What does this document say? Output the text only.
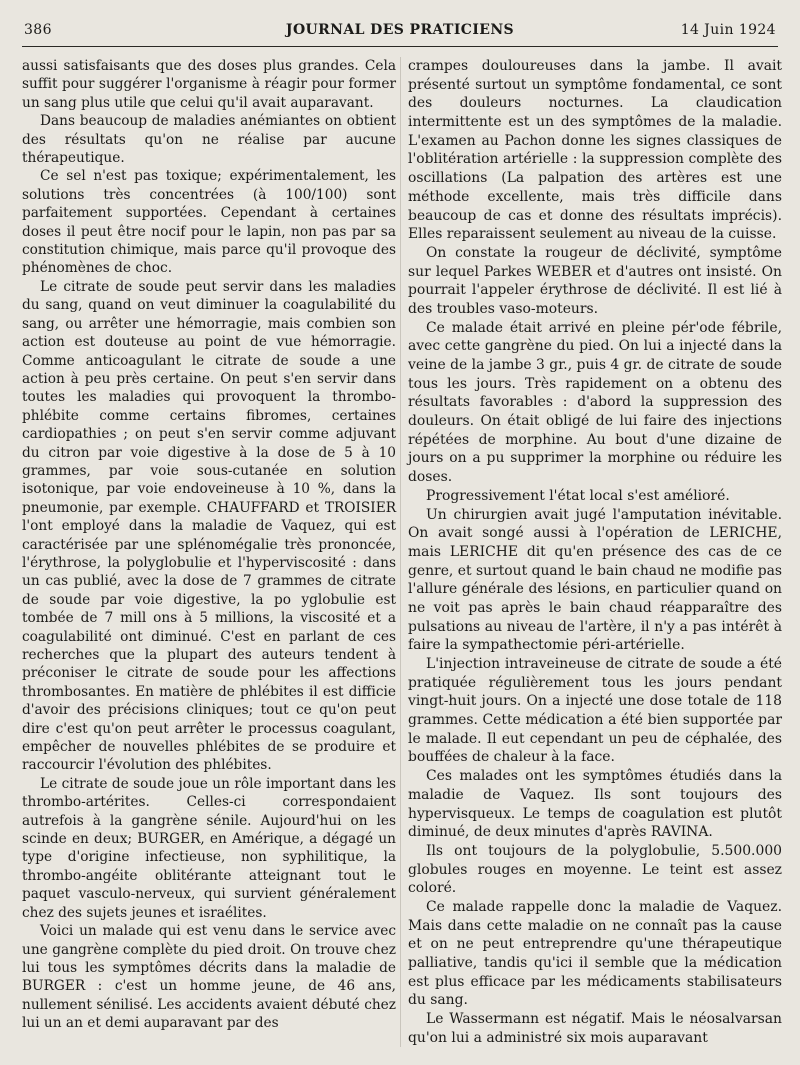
386	JOURNAL DES PRATICIENS	14 Juin 1924

aussi satisfaisants que des doses plus grandes. Cela suffit pour suggérer l'organisme à réagir pour former un sang plus utile que celui qu'il avait auparavant.

Dans beaucoup de maladies anémiantes on obtient des résultats qu'on ne réalise par aucune thérapeutique.

Ce sel n'est pas toxique; expérimentalement, les solutions très concentrées (à 100/100) sont parfaitement supportées. Cependant à certaines doses il peut être nocif pour le lapin, non pas par sa constitution chimique, mais parce qu'il provoque des phénomènes de choc.

Le citrate de soude peut servir dans les maladies du sang, quand on veut diminuer la coagulabilité du sang, ou arrêter une hémorragie, mais combien son action est douteuse au point de vue hémorragie. Comme anticoagulant le citrate de soude a une action à peu près certaine. On peut s'en servir dans toutes les maladies qui provoquent la thrombo-phlébite comme certains fibromes, certaines cardiopathies ; on peut s'en servir comme adjuvant du citron par voie digestive à la dose de 5 à 10 grammes, par voie sous-cutanée en solution isotonique, par voie endoveineuse à 10 %, dans la pneumonie, par exemple. CHAUFFARD et TROISIER l'ont employé dans la maladie de Vaquez, qui est caractérisée par une splénomégalie très prononcée, l'érythrose, la polyglobulie et l'hyperviscosité : dans un cas publié, avec la dose de 7 grammes de citrate de soude par voie digestive, la po yglobulie est tombée de 7 mill ons à 5 millions, la viscosité et a coagulabilité ont diminué. C'est en parlant de ces recherches que la plupart des auteurs tendent à préconiser le citrate de soude pour les affections thrombosantes. En matière de phlébites il est difficie d'avoir des précisions cliniques; tout ce qu'on peut dire c'est qu'on peut arrêter le processus coagulant, empêcher de nouvelles phlébites de se produire et raccourcir l'évolution des phlébites.

Le citrate de soude joue un rôle important dans les thrombo-artérites. Celles-ci correspondaient autrefois à la gangrène sénile. Aujourd'hui on les scinde en deux; BURGER, en Amérique, a dégagé un type d'origine infectieuse, non syphilitique, la thrombo-angéite oblitérante atteignant tout le paquet vasculo-nerveux, qui survient généralement chez des sujets jeunes et israélites.

Voici un malade qui est venu dans le service avec une gangrène complète du pied droit. On trouve chez lui tous les symptômes décrits dans la maladie de BURGER : c'est un homme jeune, de 46 ans, nullement sénilisé. Les accidents avaient débuté chez lui un an et demi auparavant par des

crampes douloureuses dans la jambe. Il avait présenté surtout un symptôme fondamental, ce sont des douleurs nocturnes. La claudication intermittente est un des symptômes de la maladie. L'examen au Pachon donne les signes classiques de l'oblitération artérielle : la suppression complète des oscillations (La palpation des artères est une méthode excellente, mais très difficile dans beaucoup de cas et donne des résultats imprécis). Elles reparaissent seulement au niveau de la cuisse.

On constate la rougeur de déclivité, symptôme sur lequel Parkes WEBER et d'autres ont insisté. On pourrait l'appeler érythrose de déclivité. Il est lié à des troubles vaso-moteurs.

Ce malade était arrivé en pleine pér'ode fébrile, avec cette gangrène du pied. On lui a injecté dans la veine de la jambe 3 gr., puis 4 gr. de citrate de soude tous les jours. Très rapidement on a obtenu des résultats favorables : d'abord la suppression des douleurs. On était obligé de lui faire des injections répétées de morphine. Au bout d'une dizaine de jours on a pu supprimer la morphine ou réduire les doses.

Progressivement l'état local s'est amélioré.

Un chirurgien avait jugé l'amputation inévitable. On avait songé aussi à l'opération de LERICHE, mais LERICHE dit qu'en présence des cas de ce genre, et surtout quand le bain chaud ne modifie pas l'allure générale des lésions, en particulier quand on ne voit pas après le bain chaud réapparaître des pulsations au niveau de l'artère, il n'y a pas intérêt à faire la sympathectomie péri-artérielle.

L'injection intraveineuse de citrate de soude a été pratiquée régulièrement tous les jours pendant vingt-huit jours. On a injecté une dose totale de 118 grammes. Cette médication a été bien supportée par le malade. Il eut cependant un peu de céphalée, des bouffées de chaleur à la face.

Ces malades ont les symptômes étudiés dans la maladie de Vaquez. Ils sont toujours des hypervisqueux. Le temps de coagulation est plutôt diminué, de deux minutes d'après RAVINA.

Ils ont toujours de la polyglobulie, 5.500.000 globules rouges en moyenne. Le teint est assez coloré.

Ce malade rappelle donc la maladie de Vaquez. Mais dans cette maladie on ne connaît pas la cause et on ne peut entreprendre qu'une thérapeutique palliative, tandis qu'ici il semble que la médication est plus efficace par les médicaments stabilisateurs du sang.

Le Wassermann est négatif. Mais le néosalvarsan qu'on lui a administré six mois auparavant
